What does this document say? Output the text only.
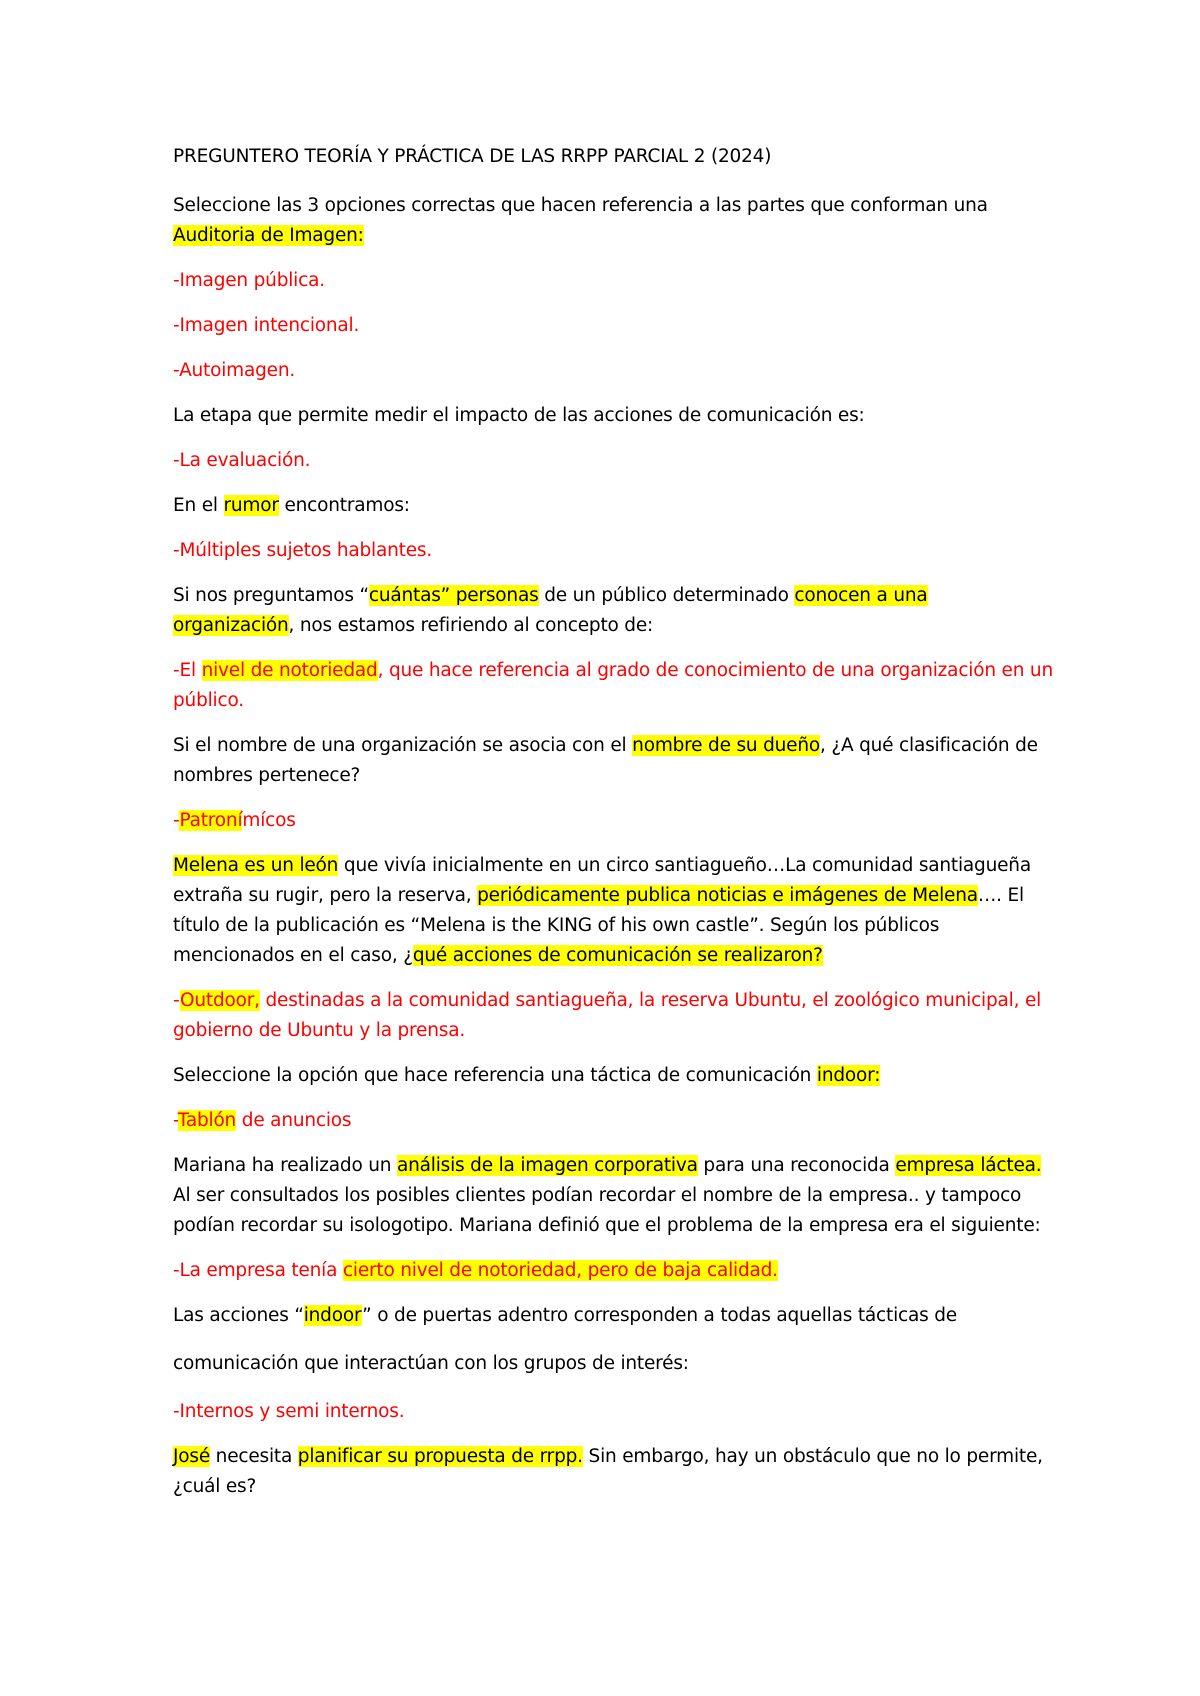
PREGUNTERO TEORÍA Y PRÁCTICA DE LAS RRPP PARCIAL 2 (2024)

Seleccione las 3 opciones correctas que hacen referencia a las partes que conforman una Auditoria de Imagen:

-Imagen pública.

-Imagen intencional.

-Autoimagen.

La etapa que permite medir el impacto de las acciones de comunicación es:

-La evaluación.

En el rumor encontramos:

-Múltiples sujetos hablantes.

Si nos preguntamos “cuántas” personas de un público determinado conocen a una organización, nos estamos refiriendo al concepto de:

-El nivel de notoriedad, que hace referencia al grado de conocimiento de una organización en un público.

Si el nombre de una organización se asocia con el nombre de su dueño, ¿A qué clasificación de nombres pertenece?

-Patronímícos

Melena es un león que vivía inicialmente en un circo santiagueño…La comunidad santiagueña extraña su rugir, pero la reserva, periódicamente publica noticias e imágenes de Melena…. El título de la publicación es “Melena is the KING of his own castle”. Según los públicos mencionados en el caso, ¿qué acciones de comunicación se realizaron?

-Outdoor, destinadas a la comunidad santiagueña, la reserva Ubuntu, el zoológico municipal, el gobierno de Ubuntu y la prensa.

Seleccione la opción que hace referencia una táctica de comunicación indoor:

-Tablón de anuncios

Mariana ha realizado un análisis de la imagen corporativa para una reconocida empresa láctea. Al ser consultados los posibles clientes podían recordar el nombre de la empresa.. y tampoco podían recordar su isologotipo. Mariana definió que el problema de la empresa era el siguiente:

-La empresa tenía cierto nivel de notoriedad, pero de baja calidad.

Las acciones “indoor” o de puertas adentro corresponden a todas aquellas tácticas de

comunicación que interactúan con los grupos de interés:

-Internos y semi internos.

José necesita planificar su propuesta de rrpp. Sin embargo, hay un obstáculo que no lo permite, ¿cuál es?
